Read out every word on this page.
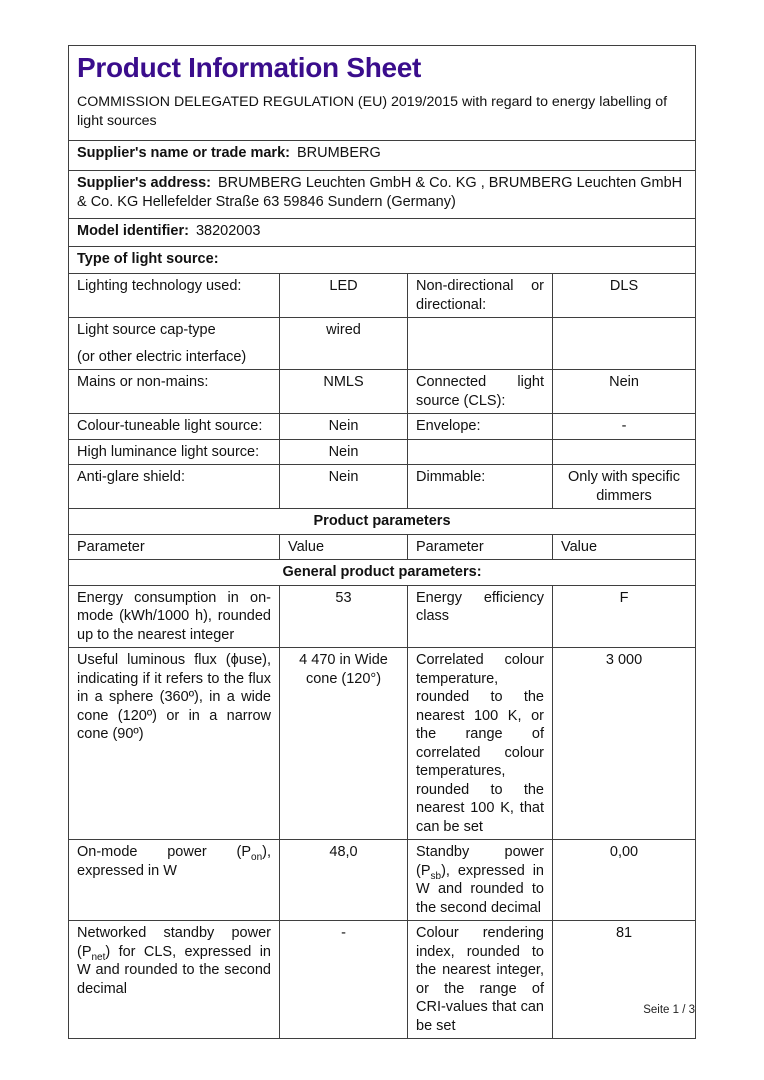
Product Information Sheet

COMMISSION DELEGATED REGULATION (EU) 2019/2015 with regard to energy labelling of light sources

Supplier's name or trade mark: BRUMBERG			
Supplier's address: BRUMBERG Leuchten GmbH & Co. KG , BRUMBERG Leuchten GmbH & Co. KG Hellefelder Straße 63 59846 Sundern (Germany)			
Model identifier: 38202003			
Type of light source:			
Lighting technology used:	LED	Non-directional or directional:	DLS

Light source cap-type
(or other electric interface)	wired		
Mains or non-mains:	NMLS	Connected light source (CLS):	Nein
Colour-tuneable light source:	Nein	Envelope:	-
High luminance light source:	Nein		
Anti-glare shield:	Nein	Dimmable:	Only with specific dimmers
Product parameters			
Parameter	Value	Parameter	Value
General product parameters:			
Energy consumption in on-mode (kWh/1000 h), rounded up to the nearest integer	53	Energy efficiency class	F
Useful luminous flux (ϕuse), indicating if it refers to the flux in a sphere (360º), in a wide cone (120º) or in a narrow cone (90º)	4 470 in Wide cone (120°)	Correlated colour temperature, rounded to the nearest 100 K, or the range of correlated colour temperatures, rounded to the nearest 100 K, that can be set	3 000
On-mode power $(P_{on})$, expressed in W	48,0	Standby power $(P_{sb})$, expressed in W and rounded to the second decimal	0,00
Networked standby power $(P_{net})$ for CLS, expressed in W and rounded to the second decimal	-	Colour rendering index, rounded to the nearest integer, or the range of CRI-values that can be set	81
Seite 1 / 3
